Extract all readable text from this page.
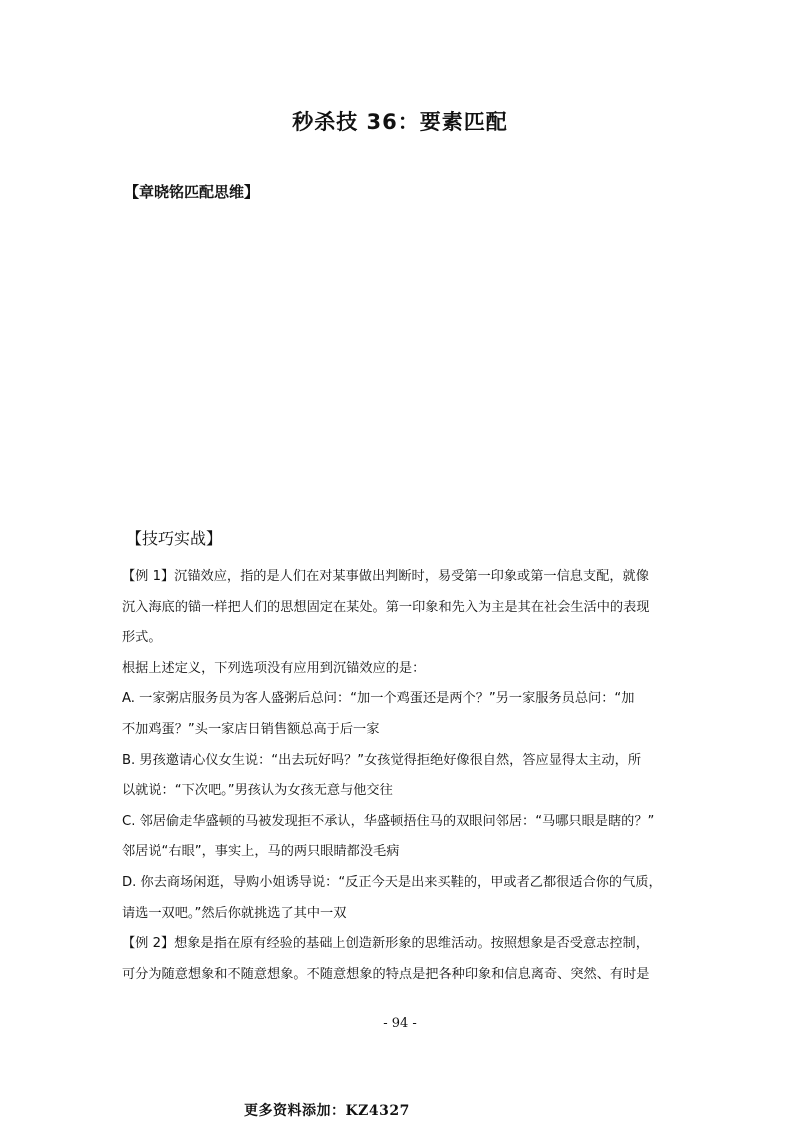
秒杀技 36：要素匹配
【章晓铭匹配思维】
【技巧实战】
【例 1】沉锚效应，指的是人们在对某事做出判断时，易受第一印象或第一信息支配，就像
沉入海底的锚一样把人们的思想固定在某处。第一印象和先入为主是其在社会生活中的表现
形式。
根据上述定义，下列选项没有应用到沉锚效应的是：
A. 一家粥店服务员为客人盛粥后总问：“加一个鸡蛋还是两个？”另一家服务员总问：“加
不加鸡蛋？”头一家店日销售额总高于后一家
B. 男孩邀请心仪女生说：“出去玩好吗？”女孩觉得拒绝好像很自然，答应显得太主动，所
以就说：“下次吧。”男孩认为女孩无意与他交往
C. 邻居偷走华盛顿的马被发现拒不承认，华盛顿捂住马的双眼问邻居：“马哪只眼是瞎的？”
邻居说“右眼”，事实上，马的两只眼睛都没毛病
D. 你去商场闲逛，导购小姐诱导说：“反正今天是出来买鞋的，甲或者乙都很适合你的气质，
请选一双吧。”然后你就挑选了其中一双
【例 2】想象是指在原有经验的基础上创造新形象的思维活动。按照想象是否受意志控制，
可分为随意想象和不随意想象。不随意想象的特点是把各种印象和信息离奇、突然、有时是
- 94 -
更多资料添加：KZ4327
